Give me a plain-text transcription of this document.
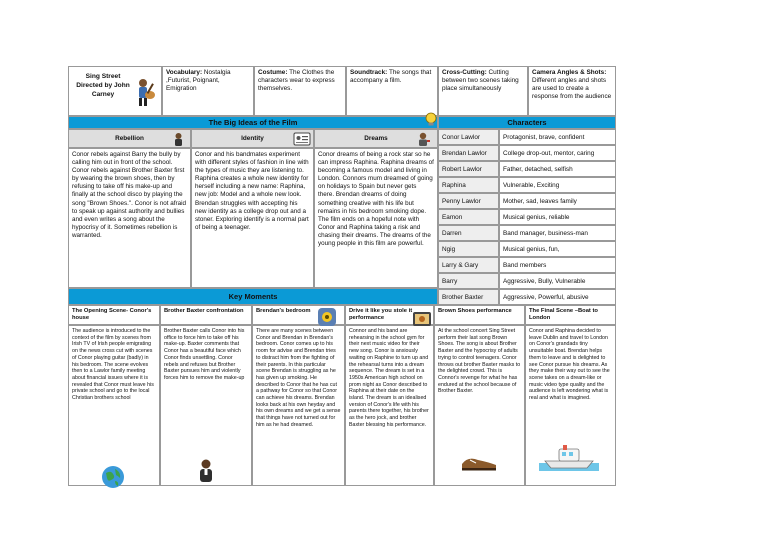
Sing Street
Directed by John Carney
Vocabulary: Nostalgia ,Futurist, Poignant, Emigration
Costume: The Clothes the characters wear to express themselves.
Soundtrack: The songs that accompany a film.
Cross-Cutting: Cutting between two scenes taking place simultaneously
Camera Angles & Shots: Different angles and shots are used to create a response from the audience
The Big Ideas of the Film	Characters
Rebellion	Identity	Dreams
Conor rebels against Barry the bully by calling him out in front of the school. Conor rebels against Brother Baxter first by wearing the brown shoes, then by refusing to take off his make-up and finally at the school disco by playing the song "Brown Shoes.". Conor is not afraid to speak up against authority and bullies and even writes a song about the hypocrisy of it. Sometimes rebellion is warranted.
Conor and his bandmates experiment with different styles of fashion in line with the types of music they are listening to. Raphina creates a whole new identity for herself including a new name: Raphina, new job: Model and a whole new look. Brendan struggles with accepting his new identity as a college drop out and a stoner. Exploring identify is a normal part of being a teenager.
Conor dreams of being a rock star so he can impress Raphina. Raphina dreams of becoming a famous model and living in London. Connors mum dreamed of going on holidays to Spain but never gets there. Brendan dreams of doing something creative with his life but remains in his bedroom smoking dope. The film ends on a hopeful note with Conor and Raphina taking a risk and chasing their dreams. The dreams of the young people in this film are powerful.
Conor Lawlor	Protagonist, brave, confident
Brendan Lawlor	College drop-out, mentor, caring
Robert Lawlor	Father, detached, selfish
Raphina	Vulnerable, Exciting
Penny Lawlor	Mother, sad, leaves family
Eamon	Musical genius, reliable
Darren	Band manager, business-man
Ngig	Musical genius, fun,
Larry & Gary	Band members
Barry	Aggressive, Bully, Vulnerable
Brother Baxter	Aggressive, Powerful, abusive
Key Moments
The Opening Scene- Conor's house
The audience is introduced to the context of the film by scenes from Irish TV of Irish people emigrating on the news cross cut with scenes of Conor playing guitar (badly) in his bedroom. The scene evolves then to a Lawlor family meeting about financial issues where it is revealed that Conor must leave his private school and go to the local Christian brothers school
Brother Baxter confrontation
Brother Baxter calls Conor into his office to force him to take off his make-up. Baxter comments that Conor has a beautiful face which Conor finds unsettling. Conor rebels and refuses but Brother Baxter pursues him and violently forces him to remove the make-up
Brendan's bedroom
There are many scenes between Conor and Brendan in Brendan's bedroom. Conor comes up to his room for advise and Brendan tries to distract him from the fighting of their parents. In this particular scene Brendan is struggling as he has given up smoking. He described to Conor that he has cut a pathway for Conor so that Conor can achieve his dreams. Brendan looks back at his own heyday and his own dreams and we get a sense that things have not turned out for him as he had dreamed.
Drive it like you stole it performance
Connor and his band are rehearsing in the school gym for their next music video for their new song. Conor is anxiously waiting on Raphine to turn up and the rehearsal turns into a dream sequence. The dream is set in a 1950s American high school on prom night as Conor described to Raphina at their date on the island. The dream is an idealised version of Conor's life with his parents there together, his brother as the hero jock, and brother Baxter blessing his performance.
Brown Shoes performance
At the school concert Sing Street perform their last song Brown Shoes. The song is about Brother Baxter and the hypocrisy of adults trying to control teenagers. Conor throws out brother Baxter masks to the delighted crowd. This is Connor's revenge for what he has endured at the school because of Brother Baxter.
The Final Scene –Boat to London
Conor and Raphina decided to leave Dublin and travel to London on Conor's grandads tiny unsuitable boat. Brendan helps them to leave and is delighted to see Conor pursue his dreams. As they make their way out to see the scene takes on a dream-like or music video type quality and the audience is left wondering what is real and what is imagined.
